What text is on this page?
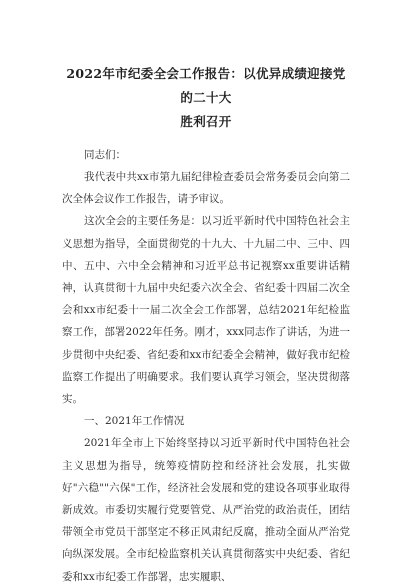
2022年市纪委全会工作报告：以优异成绩迎接党的二十大
胜利召开

同志们：

我代表中共xx市第九届纪律检查委员会常务委员会向第二次全体会议作工作报告，请予审议。

这次全会的主要任务是：以习近平新时代中国特色社会主义思想为指导，全面贯彻党的十九大、十九届二中、三中、四中、五中、六中全会精神和习近平总书记视察xx重要讲话精神，认真贯彻十九届中央纪委六次全会、省纪委十四届二次全会和xx市纪委十一届二次全会工作部署，总结2021年纪检监察工作，部署2022年任务。刚才，xxx同志作了讲话，为进一步贯彻中央纪委、省纪委和xx市纪委全会精神，做好我市纪检监察工作提出了明确要求。我们要认真学习领会，坚决贯彻落实。

一、2021年工作情况

2021年全市上下始终坚持以习近平新时代中国特色社会主义思想为指导，统筹疫情防控和经济社会发展，扎实做好"六稳""六保"工作，经济社会发展和党的建设各项事业取得新成效。市委切实履行党要管党、从严治党的政治责任，团结带领全市党员干部坚定不移正风肃纪反腐，推动全面从严治党向纵深发展。全市纪检监察机关认真贯彻落实中央纪委、省纪委和xx市纪委工作部署，忠实履职、
